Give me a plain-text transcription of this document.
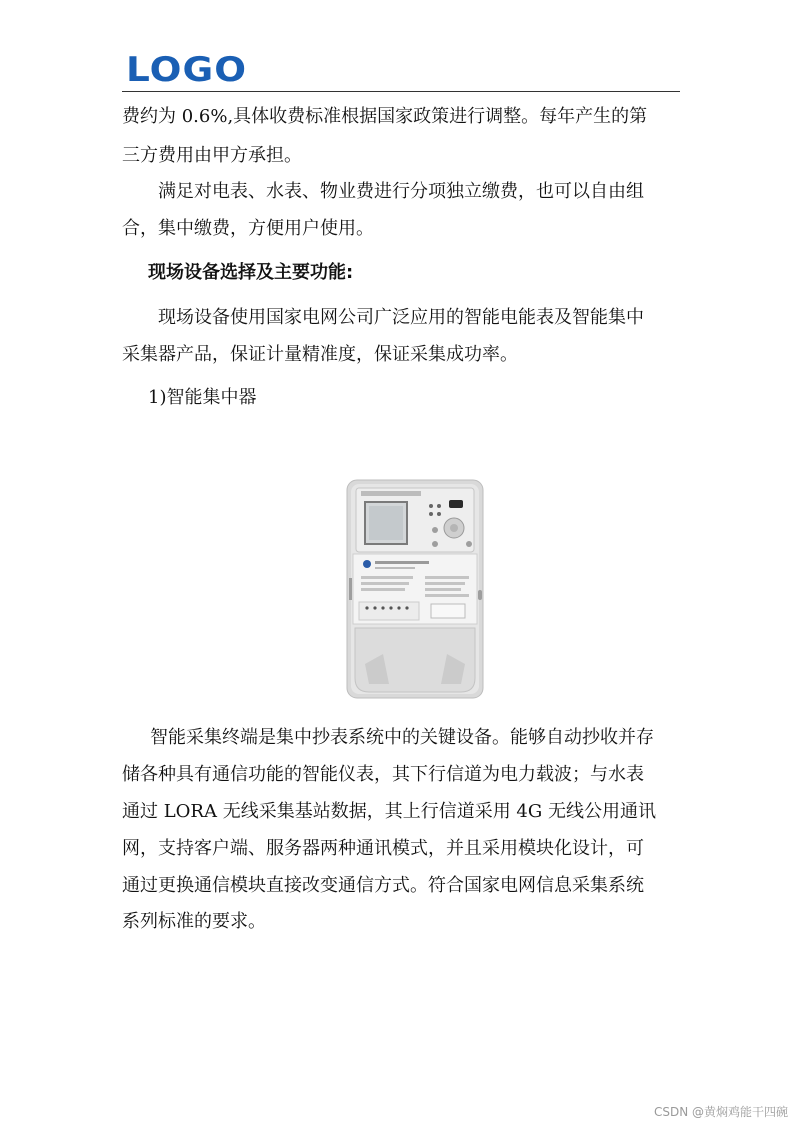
LOGO
费约为 0.6%,具体收费标准根据国家政策进行调整。每年产生的第
三方费用由甲方承担。
满足对电表、水表、物业费进行分项独立缴费，也可以自由组
合，集中缴费，方便用户使用。
现场设备选择及主要功能:
现场设备使用国家电网公司广泛应用的智能电能表及智能集中
采集器产品，保证计量精准度，保证采集成功率。
1)智能集中器
智能采集终端是集中抄表系统中的关键设备。能够自动抄收并存
储各种具有通信功能的智能仪表，其下行信道为电力载波；与水表
通过 LORA 无线采集基站数据，其上行信道采用 4G 无线公用通讯
网，支持客户端、服务器两种通讯模式，并且采用模块化设计，可
通过更换通信模块直接改变通信方式。符合国家电网信息采集系统
系列标准的要求。
CSDN @黄焖鸡能干四碗
